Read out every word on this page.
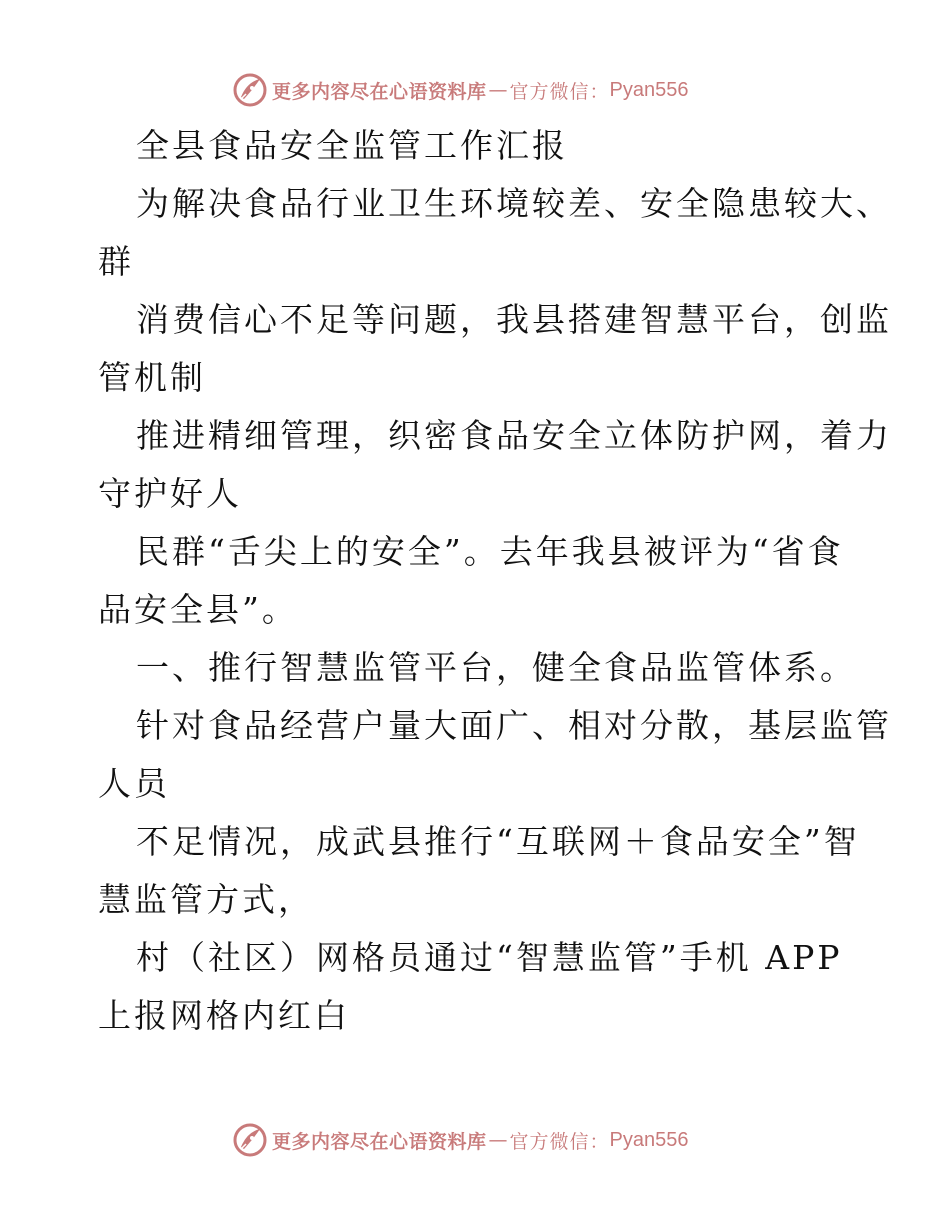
更多内容尽在心语资料库 — 官方微信： Pyan556
全县食品安全监管工作汇报
为解决食品行业卫生环境较差、安全隐患较大、
群
消费信心不足等问题，我县搭建智慧平台，创监
管机制
推进精细管理，织密食品安全立体防护网，着力
守护好人
民群“舌尖上的安全”。去年我县被评为“省食
品安全县”。
一、推行智慧监管平台，健全食品监管体系。
针对食品经营户量大面广、相对分散，基层监管
人员
不足情况，成武县推行“互联网＋食品安全”智
慧监管方式，
村（社区）网格员通过“智慧监管”手机 APP
上报网格内红白
更多内容尽在心语资料库 — 官方微信： Pyan556
